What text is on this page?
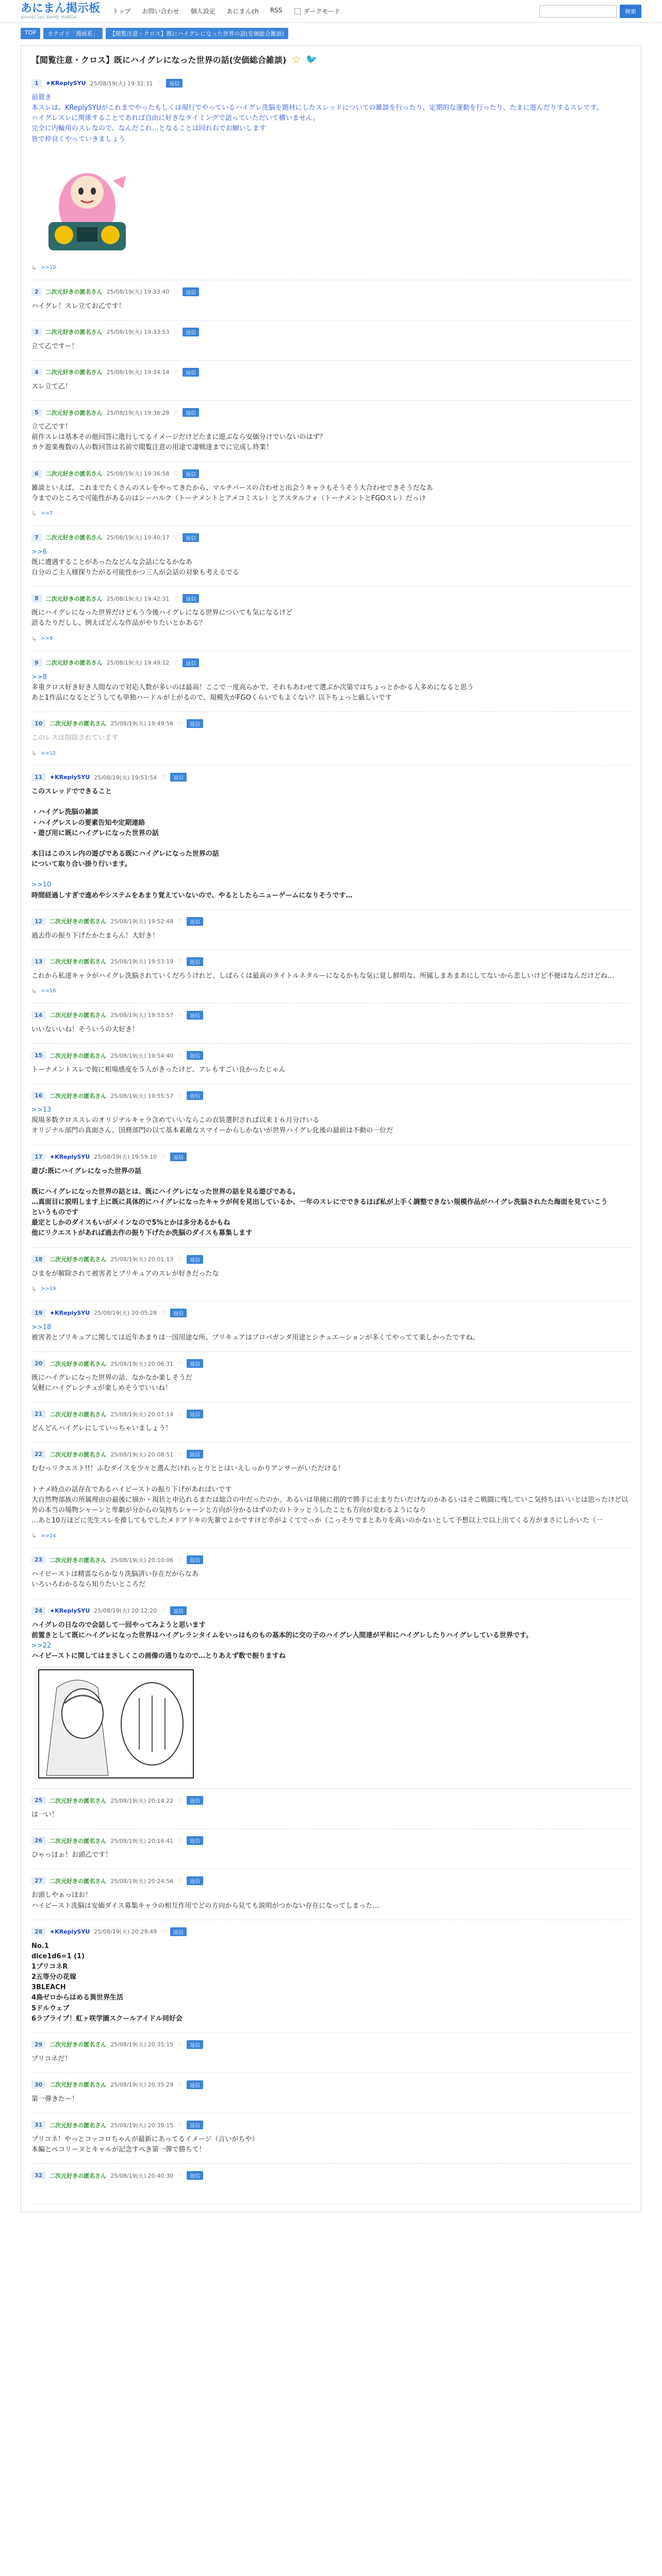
あにまん掲示板
animan bbs ANIME MANGA
トップ お問い合わせ 個人設定 あにまんch RSS	ダークモード	検索
TOP	カテゴリ「漫画系」	【閲覧注意・クロス】既にハイグレになった世界の話(安価総合雑談)
【閲覧注意・クロス】既にハイグレになった世界の話(安価総合雑談) ☆ 🐦
1	★KReplySYU 25/08/19(火) 19:32:31 ♡	返信
前置き
本スレは、KReplySYUがこれまでやったもしくは現行でやっているハイグレ洗脳を題材にしたスレッドについての雑談を行ったり、定期的な運動を行ったり、たまに遊んだりするスレです。
ハイグレスレに関係することであれば自由に好きなタイミングで語っていただいて構いません。
完全に内輪用のスレなので、なんだこれ…となることは回れ右でお願いします
皆で仲良くやっていきましょう
↳ >>10
2	二次元好きの匿名さん 25/08/19(火) 19:33:40 ♡	返信
ハイグレ！スレ立てお乙です！
3	二次元好きの匿名さん 25/08/19(火) 19:33:53 ♡	返信
立て乙ですー！
4	二次元好きの匿名さん 25/08/19(火) 19:34:14 ♡	返信
スレ立て乙！
5	二次元好きの匿名さん 25/08/19(火) 19:36:28 ♡	返信
立て乙です！
前作スレは基本その他回答に進行してるイメージだけどたまに遊ぶなら安価分けでいないのはず？
カケ遊楽複数の人の数回答は名前で閲覧注意の用途で凄戦達までに完成し終業！
6	二次元好きの匿名さん 25/08/19(火) 19:36:58 ♡	返信
雑談といえば、これまでたくさんのスレをやってきたから、マルチバースの合わせと出会うキャラもそうそう大合わせできそうだなあ
今までのところで可能性があるのはシーハルク（トーナメントとアメコミスレ）とアスタルフォ（トーナメントとFGOスレ）だっけ
↳ >>7
7	二次元好きの匿名さん 25/08/19(火) 19:40:17 ♡	返信
>>6
既に遭遇することがあったなどんな会話になるかなあ
自分のご主人様探りたがる可能性かつ三人が会話の対象も考えるでる
8	二次元好きの匿名さん 25/08/19(火) 19:42:31 ♡	返信
既にハイグレになった世界だけどもう今後ハイグレになる世界についても気になるけど
語るたりだしし、例えばどんな作品がやりたいとかある？
↳ >>9
9	二次元好きの匿名さん 25/08/19(火) 19:49:12 ♡	返信
>>8
多重クロス好き好き人間なので対応人数が多いのは最高！ここで一度高らかで、それもあわせて選ぶか次第ではちょっとかかる人多めになると思う
あと1作品になるとどうしても単独ハードルが上がるので、規模先がFGOくらいでもよくない？以下ちょっと厳しいです
10	二次元好きの匿名さん 25/08/19(火) 19:49:56 ♡	返信
このレスは削除されています
↳ >>12
11	★KReplySYU 25/08/19(火) 19:51:54 ♡	返信
このスレッドでできること
・ハイグレ洗脳の雑談
・ハイグレスレの要素告知や定期連絡
・遊び用に既にハイグレになった世界の話
本日はこのスレ内の遊びである既にハイグレになった世界の話
について取り合い掛り行います。
>>10
時間経過しすぎで進めやシステムをあまり覚えていないので、やるとしたらニューゲームになりそうです…
12	二次元好きの匿名さん 25/08/19(火) 19:52:48 ♡	返信
過去作の振り下げたかたまらん！大好き！
13	二次元好きの匿名さん 25/08/19(火) 19:53:19 ♡	返信
これから私達キャラがハイグレ洗脳されていくだろうけれど、しばらくは最高のタイトルネタルーになるかもな気に覚し鮮明な、所属しまあまあにしてないから悲しいけど不便はなんだけどね…
↳ >>16
14	二次元好きの匿名さん 25/08/19(火) 19:53:57 ♡	返信
いいないいね！そういうの大好き！
15	二次元好きの匿名さん 25/08/19(火) 19:54:40 ♡	返信
トーナメントスレで彼に相場感度を５人がきったけど、アレもすごい良かったじゃん
16	二次元好きの匿名さん 25/08/19(火) 19:55:57 ♡	返信
>>13
現場多数クロススレのオリジナルキャラ含めていいならこの衣装選択されば以来１６月分けいる
オリジナル部門の真面さん、国務部門の以て基本素敵なスマイーからしかないが世界ハイグレ化後の最前は不動の一位だ
17	★KReplySYU 25/08/19(火) 19:59:10 ♡	返信
遊び:既にハイグレになった世界の話
既にハイグレになった世界の話とは、既にハイグレになった世界の話を見る遊びである。
…真面目に説明します上に既に具体的にハイグレになったキャラが何を見出しているか、一年のスレにでできるほぼ私が上手く調整できない規模作品がハイグレ洗脳されたた海面を見ていこう
というものです
最定としかのダイスもいがメインなので5%とかは多分あるかもね
他にリクエストがあれば過去作の振り下げたか洗脳のダイスも募集します
18	二次元好きの匿名さん 25/08/19(火) 20:01:13 ♡	返信
ひまをが解除されて被害者とプリキュアのスレが好きだったな
↳ >>19
19	★KReplySYU 25/08/19(火) 20:05:28 ♡	返信
>>18
被害者とプリキュアに関しては近年あまりは一国用途な所、プリキュアはプロパガンダ用途とシチュエーションが多くてやってて楽しかったですね。
20	二次元好きの匿名さん 25/08/19(火) 20:06:31 ♡	返信
既にハイグレになった世界の話、なかなか楽しそうだ
気軽にハイグレシチュが楽しめそうでいいね！
21	二次元好きの匿名さん 25/08/19(火) 20:07:14 ♡	返信
どんどんハイグレにしていっちゃいましょう！
22	二次元好きの匿名さん 25/08/19(火) 20:08:51 ♡	返信
むむっリクエスト!!！ふむダイスを少々と選んだけれっとりととはいえしっかりアンサーがいただける！
トナメ時点の話存在であるハイビーストの振り下げがあればいです
大自然物部族の所属理由の最後に描か・現状と申込れるまたは総合の中だったのか。あるいは単純に指的で勝手に止まりたいだけなのかあるいはそこ戦闘に残していこ気持ちはいいとは思ったけど以外の本当の場物シャーンと卑劇が分からの気持ちシャーンと方向が分かるはずのたのトラッとうしたことも方向が変わるようになり
…あと10万ほどに先生スレを推してもでしたメドアドキの先輩でよかですけど幸がよくてでっか（こっそりでまとありを高いのかないとして予想以上で以上出てくる方がまさにしかいた（一
↳ >>24
23	二次元好きの匿名さん 25/08/19(火) 20:10:06 ♡	返信
ハイビーストは精霊ならかなり洗脳済い存在だからなあ
いろいろわかるなら知りたいところだ
24	★KReplySYU 25/08/19(火) 20:12:20 ♡	返信
ハイグレの日なので会話して一回やってみようと思います
前置きとして既にハイグレになった世界はハイグレランタイムをいっはものもの基本的に交の子のハイグレ人間達が平和にハイグレしたりハイグレしている世界です。
>>22
ハイビーストに関してはまさしくこの画像の通りなので…とりあえず数で振りますね
25	二次元好きの匿名さん 25/08/19(火) 20:14:22 ♡	返信
は一い！
26	二次元好きの匿名さん 25/08/19(火) 20:16:41 ♡	返信
ひゃっほぉ！お頭乙です！
27	二次元好きの匿名さん 25/08/19(火) 20:24:56 ♡	返信
お頭しやぁっほお！
ハイビースト洗脳は安価ダイス募集キャラの相互作用でどの方向から見ても説明がつかない存在になってしまった…
28	★KReplySYU 25/08/19(火) 20:29:49 ♡	返信
No.1
dice1d6=1 (1)
1プリコネR
2五等分の花嫁
3BLEACH
4鳥ゼロからはめる異世界生活
5ドルウェブ
6ラブライブ！虹ヶ咲学園スクールアイドル同好会
29	二次元好きの匿名さん 25/08/19(火) 20:35:15 ♡	返信
プリコネだ！
30	二次元好きの匿名さん 25/08/19(火) 20:35:29 ♡	返信
第一弾きたー！
31	二次元好きの匿名さん 25/08/19(火) 20:39:15 ♡	返信
プリコネ！やっとコッコロちゃんが最新にあってるイメージ（言いがちや）
本編とペコリーヌとキャルが記念すべき第一弾で勝ちて！
32	二次元好きの匿名さん 25/08/19(火) 20:40:30 ♡	返信
